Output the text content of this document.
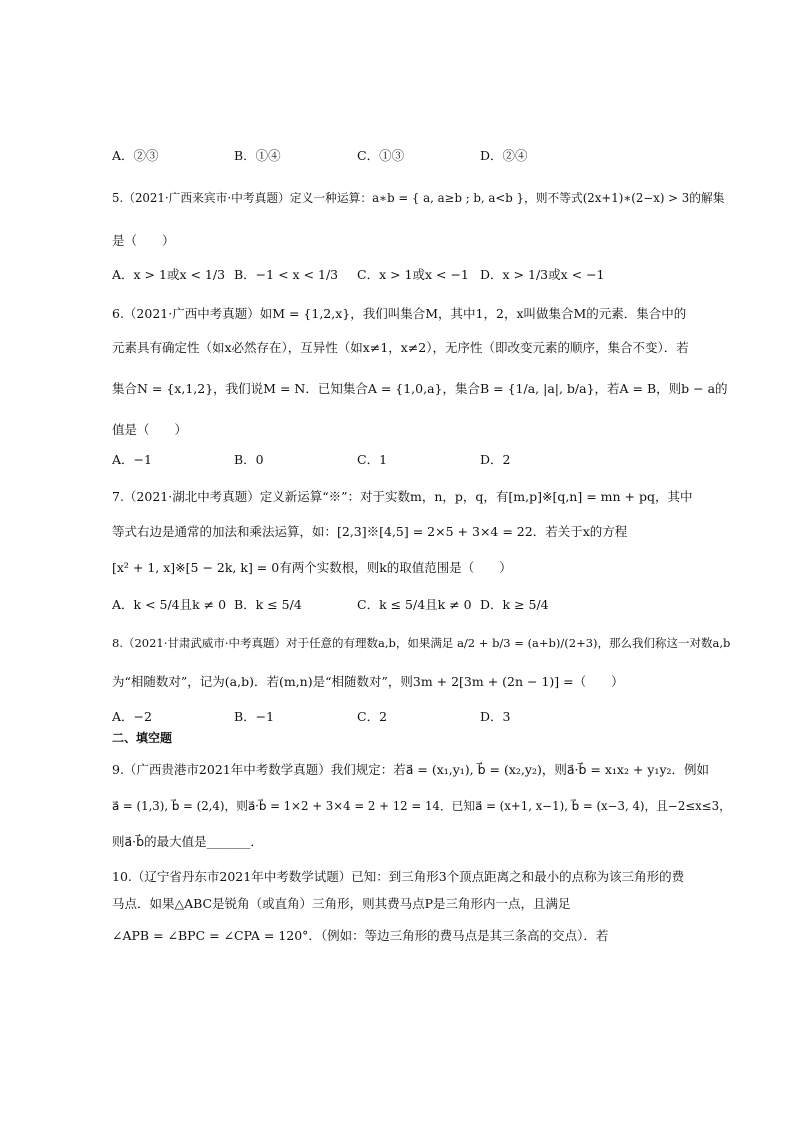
A．②③	B．①④	C．①③	D．②④
5.（2021·广西来宾市·中考真题）定义一种运算：a∗b = { a, a≥b ; b, a<b }，则不等式(2x+1)∗(2−x) > 3的解集
是（　　）
A．x > 1或x < 1/3 B．−1 < x < 1/3 C．x > 1或x < −1 D．x > 1/3或x < −1
6.（2021·广西中考真题）如M = {1,2,x}，我们叫集合M，其中1，2，x叫做集合M的元素．集合中的
元素具有确定性（如x必然存在），互异性（如x≠1，x≠2），无序性（即改变元素的顺序，集合不变）．若
集合N = {x,1,2}，我们说M = N．已知集合A = {1,0,a}，集合B = {1/a, |a|, b/a}，若A = B，则b − a的
值是（　　）
A．−1	B．0	C．1	D．2
7.（2021·湖北中考真题）定义新运算“※”：对于实数m，n，p，q，有[m,p]※[q,n] = mn + pq，其中
等式右边是通常的加法和乘法运算，如：[2,3]※[4,5] = 2×5 + 3×4 = 22．若关于x的方程
[x² + 1, x]※[5 − 2k, k] = 0有两个实数根，则k的取值范围是（　　）
A．k < 5/4且k ≠ 0 B．k ≤ 5/4	C．k ≤ 5/4且k ≠ 0 D．k ≥ 5/4
8.（2021·甘肃武威市·中考真题）对于任意的有理数a,b，如果满足 a/2 + b/3 = (a+b)/(2+3)，那么我们称这一对数a,b
为“相随数对”，记为(a,b)．若(m,n)是“相随数对”，则3m + 2[3m + (2n − 1)] =（　　）
A．−2	B．−1	C．2	D．3
二、填空题
9.（广西贵港市2021年中考数学真题）我们规定：若a⃗ = (x₁,y₁), b⃗ = (x₂,y₂)，则a⃗·b⃗ = x₁x₂ + y₁y₂．例如
a⃗ = (1,3), b⃗ = (2,4)，则a⃗·b⃗ = 1×2 + 3×4 = 2 + 12 = 14．已知a⃗ = (x+1, x−1), b⃗ = (x−3, 4)，且−2≤x≤3，
则a⃗·b⃗的最大值是_______．
10.（辽宁省丹东市2021年中考数学试题）已知：到三角形3个顶点距离之和最小的点称为该三角形的费
马点．如果△ABC是锐角（或直角）三角形，则其费马点P是三角形内一点，且满足
∠APB = ∠BPC = ∠CPA = 120°．（例如：等边三角形的费马点是其三条高的交点）．若
